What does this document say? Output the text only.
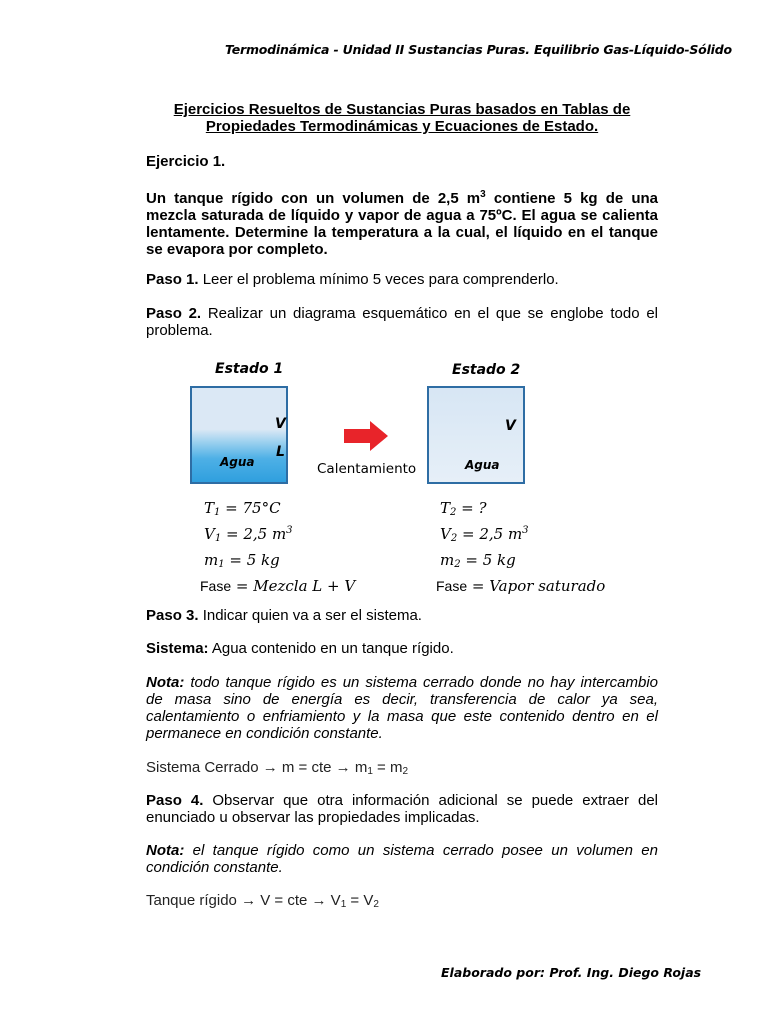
Termodinámica - Unidad II Sustancias Puras. Equilibrio Gas-Líquido-Sólido
Ejercicios Resueltos de Sustancias Puras basados en Tablas de
Propiedades Termodinámicas y Ecuaciones de Estado.
Ejercicio 1.
Un tanque rígido con un volumen de 2,5 $m^3$ contiene 5 kg de una mezcla saturada de líquido y vapor de agua a 75ºC. El agua se calienta lentamente. Determine la temperatura a la cual, el líquido en el tanque se evapora por completo.
Paso 1. Leer el problema mínimo 5 veces para comprenderlo.
Paso 2. Realizar un diagrama esquemático en el que se englobe todo el problema.
Estado 1	Estado 2
V
L
Agua	Calentamiento
V
Agua
$T_1 = 75^\circ C$
$V_1 = 2,5$ $m^3$
$m_1 = 5$ kg
Fase = Mezcla L + V
$T_2$ = ?
$V_2 = 2,5$ $m^3$
$m_2 = 5$ kg
Fase = Vapor saturado
Paso 3. Indicar quien va a ser el sistema.
Sistema: Agua contenido en un tanque rígido.
Nota: todo tanque rígido es un sistema cerrado donde no hay intercambio de masa sino de energía es decir, transferencia de calor ya sea, calentamiento o enfriamiento y la masa que este contenido dentro en el permanece en condición constante.
Sistema Cerrado → m = cte → $m_1 = m_2$
Paso 4. Observar que otra información adicional se puede extraer del enunciado u observar las propiedades implicadas.
Nota: el tanque rígido como un sistema cerrado posee un volumen en condición constante.
Tanque rígido → V = cte → $V_1 = V_2$
Elaborado por: Prof. Ing. Diego Rojas
